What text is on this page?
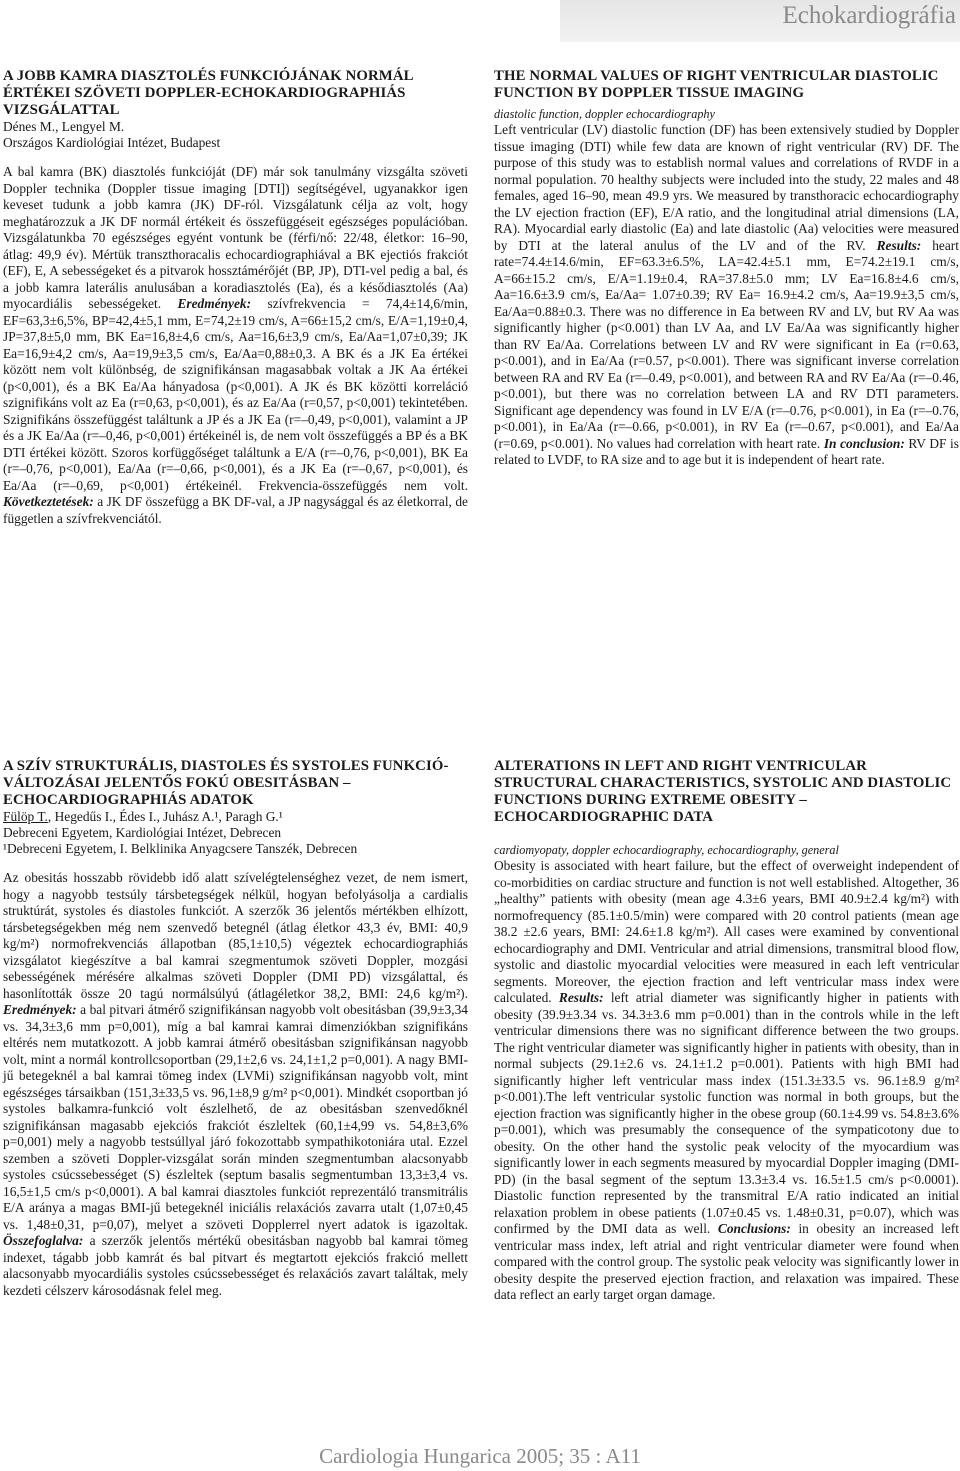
Echokardiográfia
A JOBB KAMRA DIASZTOLÉS FUNKCIÓJÁNAK NORMÁL ÉRTÉKEI SZÖVETI DOPPLER-ECHOKARDIOGRAPHIÁS VIZSGÁLATTAL
Dénes M., Lengyel M.
Országos Kardiológiai Intézet, Budapest
A bal kamra (BK) diasztolés funkcióját (DF) már sok tanulmány vizsgálta szöveti Doppler technika (Doppler tissue imaging [DTI]) segítségével, ugyanakkor igen keveset tudunk a jobb kamra (JK) DF-ról. Vizsgálatunk célja az volt, hogy meghatározzuk a JK DF normál értékeit és összefüggéseit egészséges populációban. Vizsgálatunkba 70 egészséges egyént vontunk be (férfi/nő: 22/48, életkor: 16–90, átlag: 49,9 év). Mértük transzthoracalis echocardiographiával a BK ejectiós frakciót (EF), E, A sebességeket és a pitvarok hossztámérőjét (BP, JP), DTI-vel pedig a bal, és a jobb kamra laterális anulusában a koradiasztolés (Ea), és a késődiasztolés (Aa) myocardiális sebességeket. Eredmények: szívfrekvencia = 74,4±14,6/min, EF=63,3±6,5%, BP=42,4±5,1 mm, E=74,2±19 cm/s, A=66±15,2 cm/s, E/A=1,19±0,4, JP=37,8±5,0 mm, BK Ea=16,8±4,6 cm/s, Aa=16,6±3,9 cm/s, Ea/Aa=1,07±0,39; JK Ea=16,9±4,2 cm/s, Aa=19,9±3,5 cm/s, Ea/Aa=0,88±0,3. A BK és a JK Ea értékei között nem volt különbség, de szignifikánsan magasabbak voltak a JK Aa értékei (p<0,001), és a BK Ea/Aa hányadosa (p<0,001). A JK és BK közötti korreláció szignifikáns volt az Ea (r=0,63, p<0,001), és az Ea/Aa (r=0,57, p<0,001) tekintetében. Szignifikáns összefüggést találtunk a JP és a JK Ea (r=–0,49, p<0,001), valamint a JP és a JK Ea/Aa (r=–0,46, p<0,001) értékeinél is, de nem volt összefüggés a BP és a BK DTI értékei között. Szoros korfüggőséget találtunk a E/A (r=–0,76, p<0,001), BK Ea (r=–0,76, p<0,001), Ea/Aa (r=–0,66, p<0,001), és a JK Ea (r=–0,67, p<0,001), és Ea/Aa (r=–0,69, p<0,001) értékeinél. Frekvencia-összefüggés nem volt. Következtetések: a JK DF összefügg a BK DF-val, a JP nagysággal és az életkorral, de független a szívfrekvenciától.
THE NORMAL VALUES OF RIGHT VENTRICULAR DIASTOLIC FUNCTION BY DOPPLER TISSUE IMAGING
diastolic function, doppler echocardiography
Left ventricular (LV) diastolic function (DF) has been extensively studied by Doppler tissue imaging (DTI) while few data are known of right ventricular (RV) DF. The purpose of this study was to establish normal values and correlations of RVDF in a normal population. 70 healthy subjects were included into the study, 22 males and 48 females, aged 16–90, mean 49.9 yrs. We measured by transthoracic echocardiography the LV ejection fraction (EF), E/A ratio, and the longitudinal atrial dimensions (LA, RA). Myocardial early diastolic (Ea) and late diastolic (Aa) velocities were measured by DTI at the lateral anulus of the LV and of the RV. Results: heart rate=74.4±14.6/min, EF=63.3±6.5%, LA=42.4±5.1 mm, E=74.2±19.1 cm/s, A=66±15.2 cm/s, E/A=1.19±0.4, RA=37.8±5.0 mm; LV Ea=16.8±4.6 cm/s, Aa=16.6±3.9 cm/s, Ea/Aa= 1.07±0.39; RV Ea= 16.9±4.2 cm/s, Aa=19.9±3,5 cm/s, Ea/Aa=0.88±0.3. There was no difference in Ea between RV and LV, but RV Aa was significantly higher (p<0.001) than LV Aa, and LV Ea/Aa was significantly higher than RV Ea/Aa. Correlations between LV and RV were significant in Ea (r=0.63, p<0.001), and in Ea/Aa (r=0.57, p<0.001). There was significant inverse correlation between RA and RV Ea (r=–0.49, p<0.001), and between RA and RV Ea/Aa (r=–0.46, p<0.001), but there was no correlation between LA and RV DTI parameters. Significant age dependency was found in LV E/A (r=–0.76, p<0.001), in Ea (r=–0.76, p<0.001), in Ea/Aa (r=–0.66, p<0.001), in RV Ea (r=–0.67, p<0.001), and Ea/Aa (r=0.69, p<0.001). No values had correlation with heart rate. In conclusion: RV DF is related to LVDF, to RA size and to age but it is independent of heart rate.
A SZÍV STRUKTURÁLIS, DIASTOLES ÉS SYSTOLES FUNKCIÓ-VÁLTOZÁSAI JELENTŐS FOKÚ OBESITÁSBAN – ECHOCARDIOGRAPHIÁS ADATOK
Fülöp T., Hegedűs I., Édes I., Juhász A.¹, Paragh G.¹
Debreceni Egyetem, Kardiológiai Intézet, Debrecen
¹Debreceni Egyetem, I. Belklinika Anyagcsere Tanszék, Debrecen
Az obesitás hosszabb rövidebb idő alatt szívelégtelenséghez vezet, de nem ismert, hogy a nagyobb testsúly társbetegségek nélkül, hogyan befolyásolja a cardialis struktúrát, systoles és diastoles funkciót. A szerzők 36 jelentős mértékben elhízott, társbetegségekben még nem szenvedő betegnél (átlag életkor 43,3 év, BMI: 40,9 kg/m²) normofrekvenciás állapotban (85,1±10,5) végeztek echocardiographiás vizsgálatot kiegészítve a bal kamrai szegmentumok szöveti Doppler, mozgási sebességének mérésére alkalmas szöveti Doppler (DMI PD) vizsgálattal, és hasonlították össze 20 tagú normálsúlyú (átlagéletkor 38,2, BMI: 24,6 kg/m²). Eredmények: a bal pitvari átmérő szignifikánsan nagyobb volt obesitásban (39,9±3,34 vs. 34,3±3,6 mm p=0,001), míg a bal kamrai kamrai dimenziókban szignifikáns eltérés nem mutatkozott. A jobb kamrai átmérő obesitásban szignifikánsan nagyobb volt, mint a normál kontrollcsoportban (29,1±2,6 vs. 24,1±1,2 p=0,001). A nagy BMI-jű betegeknél a bal kamrai tömeg index (LVMi) szignifikánsan nagyobb volt, mint egészséges társaikban (151,3±33,5 vs. 96,1±8,9 g/m² p<0,001). Mindkét csoportban jó systoles balkamra-funkció volt észlelhető, de az obesitásban szenvedőknél szignifikánsan magasabb ejekciós frakciót észleltek (60,1±4,99 vs. 54,8±3,6% p=0,001) mely a nagyobb testsúllyal járó fokozottabb sympathikotoniára utal. Ezzel szemben a szöveti Doppler-vizsgálat során minden szegmentumban alacsonyabb systoles csúcssebességet (S) észleltek (septum basalis segmentumban 13,3±3,4 vs. 16,5±1,5 cm/s p<0,0001). A bal kamrai diasztoles funkciót reprezentáló transmitrális E/A aránya a magas BMI-jű betegeknél iniciális relaxációs zavarra utalt (1,07±0,45 vs. 1,48±0,31, p=0,07), melyet a szöveti Dopplerrel nyert adatok is igazoltak. Összefoglalva: a szerzők jelentős mértékű obesitásban nagyobb bal kamrai tömeg indexet, tágabb jobb kamrát és bal pitvart és megtartott ejekciós frakció mellett alacsonyabb myocardiális systoles csúcssebességet és relaxációs zavart találtak, mely kezdeti célszerv károsodásnak felel meg.
ALTERATIONS IN LEFT AND RIGHT VENTRICULAR STRUCTURAL CHARACTERISTICS, SYSTOLIC AND DIASTOLIC FUNCTIONS DURING EXTREME OBESITY – ECHOCARDIOGRAPHIC DATA
cardiomyopaty, doppler echocardiography, echocardiography, general
Obesity is associated with heart failure, but the effect of overweight independent of co-morbidities on cardiac structure and function is not well established. Altogether, 36 „healthy” patients with obesity (mean age 4.3±6 years, BMI 40.9±2.4 kg/m²) with normofrequency (85.1±0.5/min) were compared with 20 control patients (mean age 38.2 ±2.6 years, BMI: 24.6±1.8 kg/m²). All cases were examined by conventional echocardiography and DMI. Ventricular and atrial dimensions, transmitral blood flow, systolic and diastolic myocardial velocities were measured in each left ventricular segments. Moreover, the ejection fraction and left ventricular mass index were calculated. Results: left atrial diameter was significantly higher in patients with obesity (39.9±3.34 vs. 34.3±3.6 mm p=0.001) than in the controls while in the left ventricular dimensions there was no significant difference between the two groups. The right ventricular diameter was significantly higher in patients with obesity, than in normal subjects (29.1±2.6 vs. 24.1±1.2 p=0.001). Patients with high BMI had significantly higher left ventricular mass index (151.3±33.5 vs. 96.1±8.9 g/m² p<0.001).The left ventricular systolic function was normal in both groups, but the ejection fraction was significantly higher in the obese group (60.1±4.99 vs. 54.8±3.6% p=0.001), which was presumably the consequence of the sympaticotony due to obesity. On the other hand the systolic peak velocity of the myocardium was significantly lower in each segments measured by myocardial Doppler imaging (DMI-PD) (in the basal segment of the septum 13.3±3.4 vs. 16.5±1.5 cm/s p<0.0001). Diastolic function represented by the transmitral E/A ratio indicated an initial relaxation problem in obese patients (1.07±0.45 vs. 1.48±0.31, p=0.07), which was confirmed by the DMI data as well. Conclusions: in obesity an increased left ventricular mass index, left atrial and right ventricular diameter were found when compared with the control group. The systolic peak velocity was significantly lower in obesity despite the preserved ejection fraction, and relaxation was impaired. These data reflect an early target organ damage.
Cardiologia Hungarica 2005; 35 : A11
